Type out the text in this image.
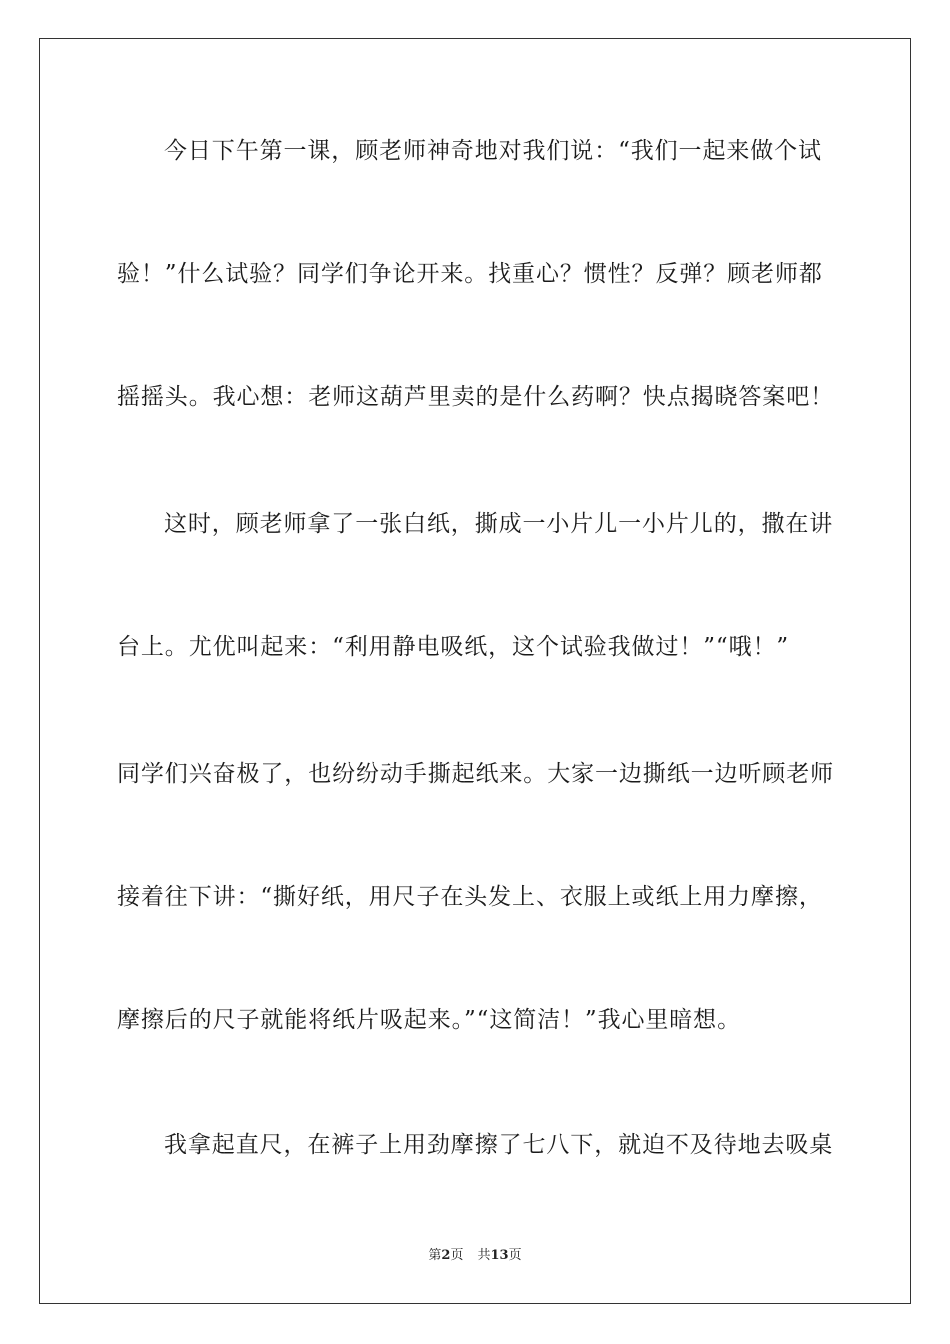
今日下午第一课，顾老师神奇地对我们说：“我们一起来做个试
验！”什么试验？同学们争论开来。找重心？惯性？反弹？顾老师都
摇摇头。我心想：老师这葫芦里卖的是什么药啊？快点揭晓答案吧！
这时，顾老师拿了一张白纸，撕成一小片儿一小片儿的，撒在讲
台上。尤优叫起来：“利用静电吸纸，这个试验我做过！”“哦！”
同学们兴奋极了，也纷纷动手撕起纸来。大家一边撕纸一边听顾老师
接着往下讲：“撕好纸，用尺子在头发上、衣服上或纸上用力摩擦，
摩擦后的尺子就能将纸片吸起来。”“这简洁！”我心里暗想。
我拿起直尺，在裤子上用劲摩擦了七八下，就迫不及待地去吸桌
第2页 共13页
